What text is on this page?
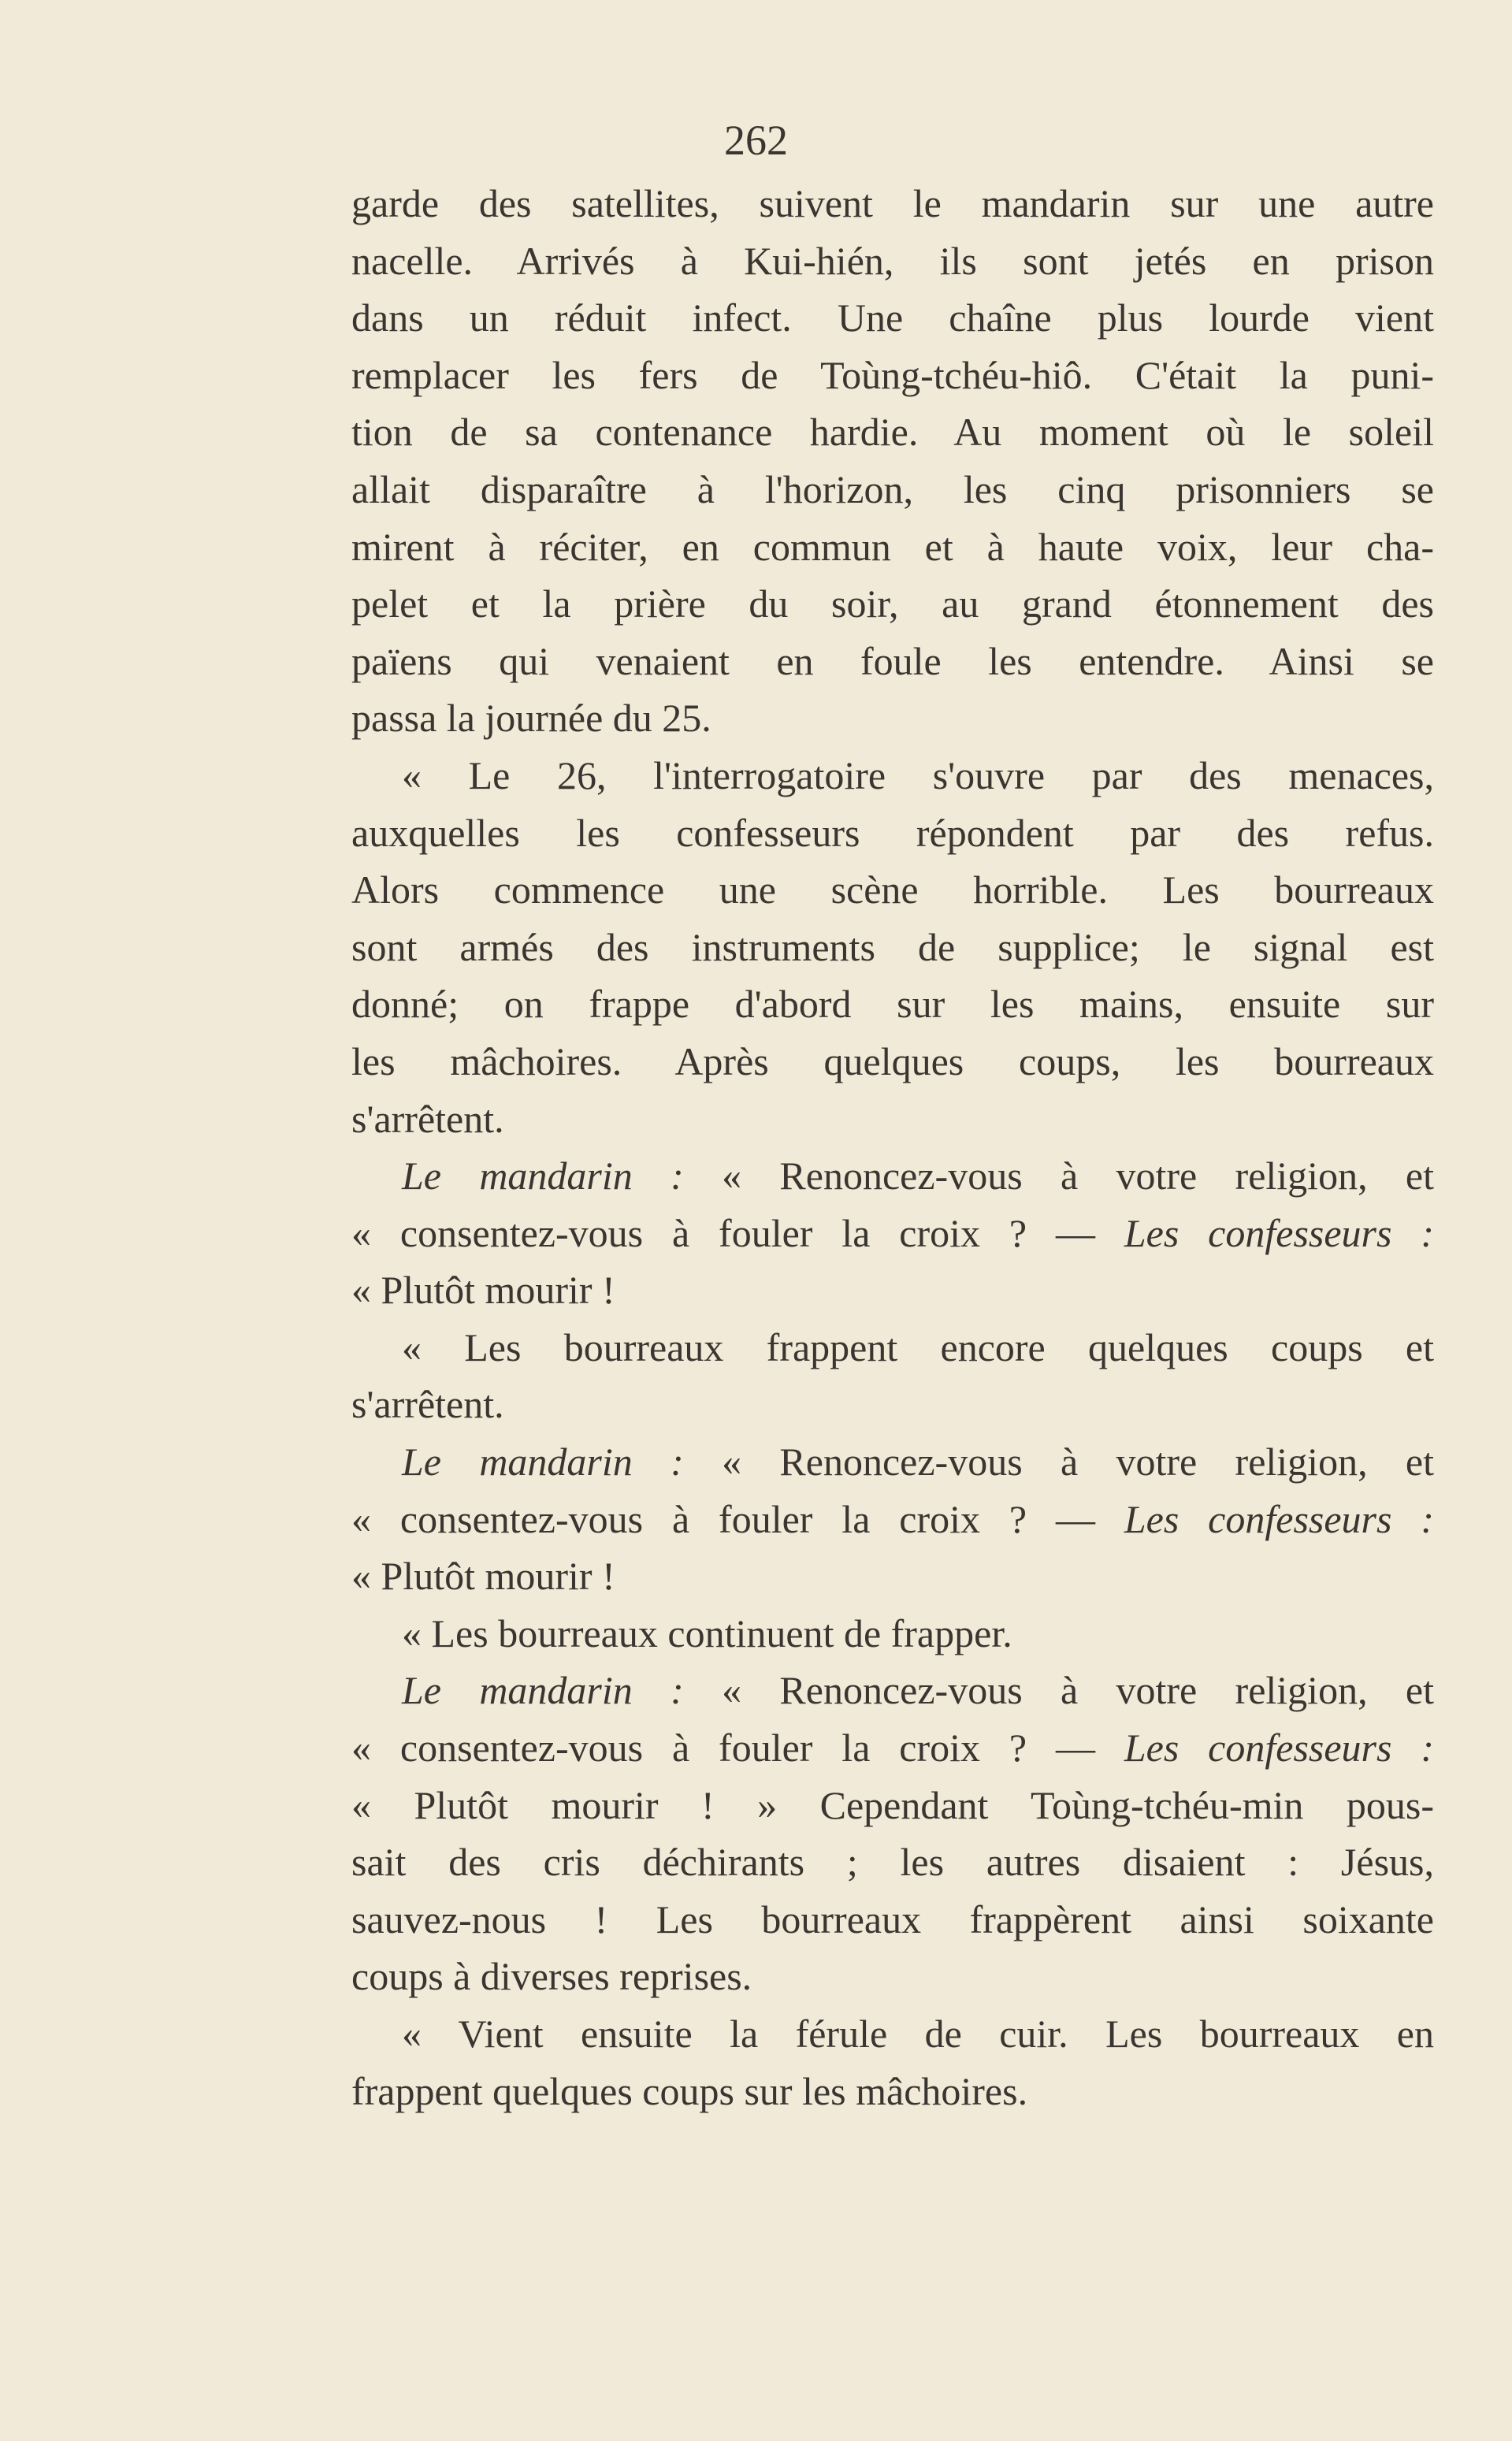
262
garde des satellites, suivent le mandarin sur une autre
nacelle. Arrivés à Kui-hién, ils sont jetés en prison
dans un réduit infect. Une chaîne plus lourde vient
remplacer les fers de Toùng-tchéu-hiô. C'était la puni-
tion de sa contenance hardie. Au moment où le soleil
allait disparaître à l'horizon, les cinq prisonniers se
mirent à réciter, en commun et à haute voix, leur cha-
pelet et la prière du soir, au grand étonnement des
païens qui venaient en foule les entendre. Ainsi se
passa la journée du 25.
« Le 26, l'interrogatoire s'ouvre par des menaces,
auxquelles les confesseurs répondent par des refus.
Alors commence une scène horrible. Les bourreaux
sont armés des instruments de supplice; le signal est
donné; on frappe d'abord sur les mains, ensuite sur
les mâchoires. Après quelques coups, les bourreaux
s'arrêtent.
Le mandarin : « Renoncez-vous à votre religion, et
« consentez-vous à fouler la croix ? — Les confesseurs :
« Plutôt mourir !
« Les bourreaux frappent encore quelques coups et
s'arrêtent.
Le mandarin : « Renoncez-vous à votre religion, et
« consentez-vous à fouler la croix ? — Les confesseurs :
« Plutôt mourir !
« Les bourreaux continuent de frapper.
Le mandarin : « Renoncez-vous à votre religion, et
« consentez-vous à fouler la croix ? — Les confesseurs :
« Plutôt mourir ! » Cependant Toùng-tchéu-min pous-
sait des cris déchirants ; les autres disaient : Jésus,
sauvez-nous ! Les bourreaux frappèrent ainsi soixante
coups à diverses reprises.
« Vient ensuite la férule de cuir. Les bourreaux en
frappent quelques coups sur les mâchoires.
